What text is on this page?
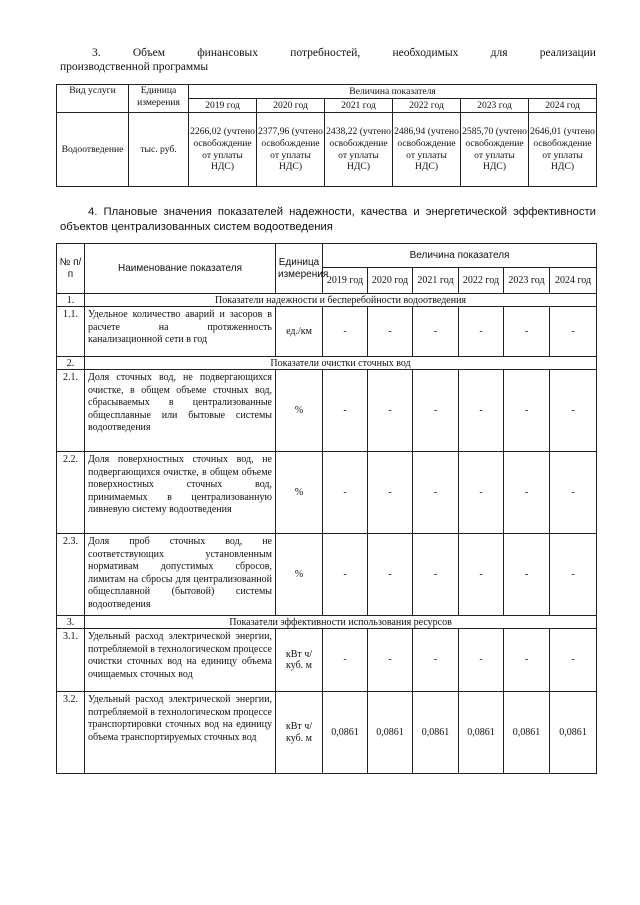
3.	Объем	финансовых	потребностей,	необходимых	для	реализации
производственной программы
Вид услуги	Единица измерения	Величина показателя					
		2019 год	2020 год	2021 год	2022 год	2023 год	2024 год
Водоотведение	тыс. руб.	2266,02 (учтено освобождение от уплаты НДС)	2377,96 (учтено освобождение от уплаты НДС)	2438,22 (учтено освобождение от уплаты НДС)	2486,94 (учтено освобождение от уплаты НДС)	2585,70 (учтено освобождение от уплаты НДС)	2646,01 (учтено освобождение от уплаты НДС)
4. Плановые значения показателей надежности, качества и энергетической эффективности
объектов централизованных систем водоотведения
№ п/п	Наименование показателя	Единица измерения	Величина показателя					
			2019 год	2020 год	2021 год	2022 год	2023 год	2024 год
1.	Показатели надежности и бесперебойности водоотведения							
1.1.	Удельное количество аварий и засоров в расчете на протяженность канализационной сети в год	ед./км	-	-	-	-	-	-
2.	Показатели очистки сточных вод							
2.1.	Доля сточных вод, не подвергающихся очистке, в общем объеме сточных вод, сбрасываемых в централизованные общесплавные или бытовые системы водоотведения	%	-	-	-	-	-	-
2.2.	Доля поверхностных сточных вод, не подвергающихся очистке, в общем объеме поверхностных сточных вод, принимаемых в централизованную ливневую систему водоотведения	%	-	-	-	-	-	-
2.3.	Доля проб сточных вод, не соответствующих установленным нормативам допустимых сбросов, лимитам на сбросы для централизованной общесплавной (бытовой) системы водоотведения	%	-	-	-	-	-	-
3.	Показатели эффективности использования ресурсов							
3.1.	Удельный расход электрической энергии, потребляемой в технологическом процессе очистки сточных вод на единицу объема очищаемых сточных вод	кВт ч/куб. м	-	-	-	-	-	-
3.2.	Удельный расход электрической энергии, потребляемой в технологическом процессе транспортировки сточных вод на единицу объема транспортируемых сточных вод	кВт ч/куб. м	0,0861	0,0861	0,0861	0,0861	0,0861	0,0861
